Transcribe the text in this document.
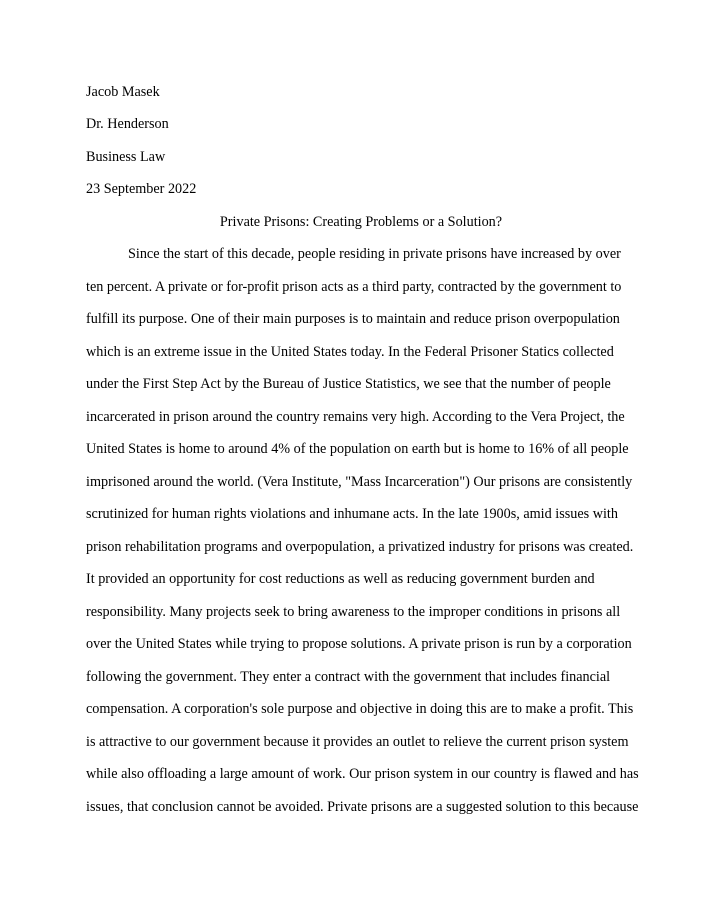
Jacob Masek
Dr. Henderson
Business Law
23 September 2022
Private Prisons: Creating Problems or a Solution?
Since the start of this decade, people residing in private prisons have increased by over
ten percent. A private or for-profit prison acts as a third party, contracted by the government to
fulfill its purpose. One of their main purposes is to maintain and reduce prison overpopulation
which is an extreme issue in the United States today. In the Federal Prisoner Statics collected
under the First Step Act by the Bureau of Justice Statistics, we see that the number of people
incarcerated in prison around the country remains very high. According to the Vera Project, the
United States is home to around 4% of the population on earth but is home to 16% of all people
imprisoned around the world. (Vera Institute, "Mass Incarceration") Our prisons are consistently
scrutinized for human rights violations and inhumane acts. In the late 1900s, amid issues with
prison rehabilitation programs and overpopulation, a privatized industry for prisons was created.
It provided an opportunity for cost reductions as well as reducing government burden and
responsibility. Many projects seek to bring awareness to the improper conditions in prisons all
over the United States while trying to propose solutions. A private prison is run by a corporation
following the government. They enter a contract with the government that includes financial
compensation. A corporation's sole purpose and objective in doing this are to make a profit. This
is attractive to our government because it provides an outlet to relieve the current prison system
while also offloading a large amount of work. Our prison system in our country is flawed and has
issues, that conclusion cannot be avoided. Private prisons are a suggested solution to this because
